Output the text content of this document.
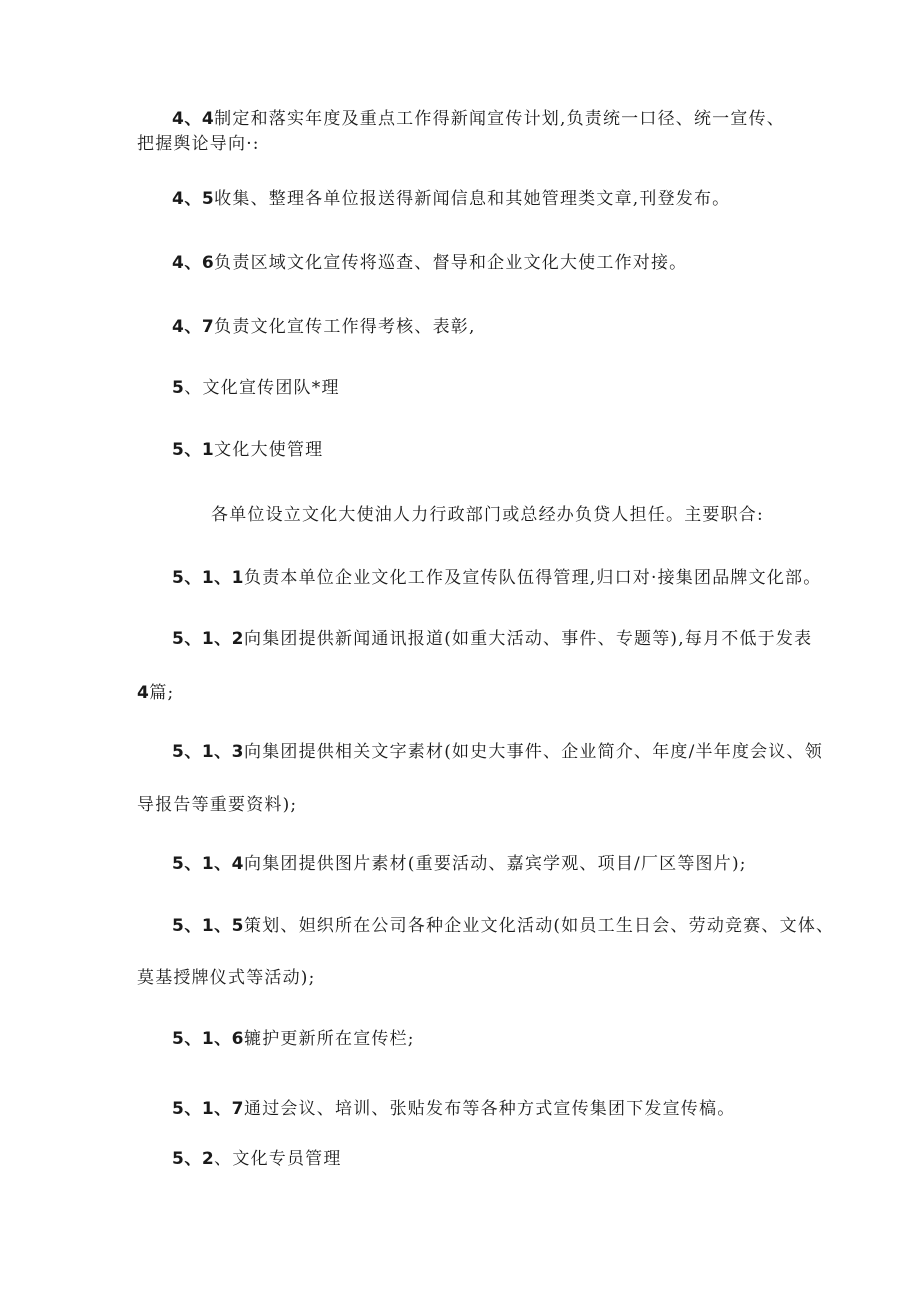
4、4制定和落实年度及重点工作得新闻宣传计划,负责统一口径、统一宣传、
把握舆论导向·:
4、5收集、整理各单位报送得新闻信息和其她管理类文章,刊登发布。
4、6负责区域文化宣传将巡查、督导和企业文化大使工作对接。
4、7负责文化宣传工作得考核、表彰,
5、文化宣传团队*理
5、1文化大使管理
各单位设立文化大使油人力行政部门或总经办负贷人担任。主要职合:
5、1、1负责本单位企业文化工作及宣传队伍得管理,归口对·接集团品牌文化部。
5、1、2向集团提供新闻通讯报道(如重大活动、事件、专题等),每月不低于发表
4篇;
5、1、3向集团提供相关文字素材(如史大事件、企业简介、年度/半年度会议、领
导报告等重要资料);
5、1、4向集团提供图片素材(重要活动、嘉宾学观、项目/厂区等图片);
5、1、5策划、妲织所在公司各种企业文化活动(如员工生日会、劳动竞赛、文体、
莫基授牌仪式等活动);
5、1、6辘护更新所在宣传栏;
5、1、7通过会议、培训、张贴发布等各种方式宣传集团下发宣传槁。
5、2、文化专员管理
